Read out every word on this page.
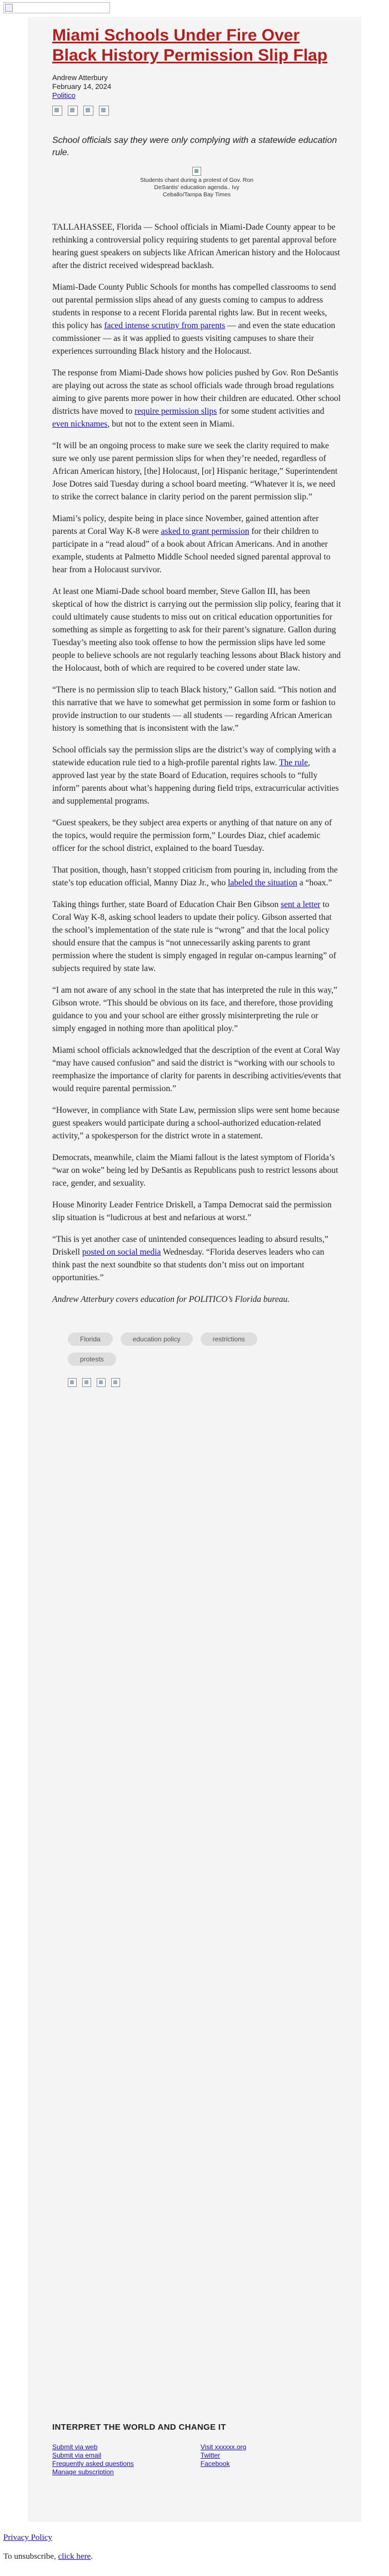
Miami Schools Under Fire Over Black History Permission Slip Flap
Andrew Atterbury
February 14, 2024
Politico
School officials say they were only complying with a statewide education rule.
Students chant during a protest of Gov. Ron DeSantis' education agenda.. Ivy Ceballo/Tampa Bay Times

TALLAHASSEE, Florida — School officials in Miami-Dade County appear to be rethinking a controversial policy requiring students to get parental approval before hearing guest speakers on subjects like African American history and the Holocaust after the district received widespread backlash.

Miami-Dade County Public Schools for months has compelled classrooms to send out parental permission slips ahead of any guests coming to campus to address students in response to a recent Florida parental rights law. But in recent weeks, this policy has faced intense scrutiny from parents — and even the state education commissioner — as it was applied to guests visiting campuses to share their experiences surrounding Black history and the Holocaust.

The response from Miami-Dade shows how policies pushed by Gov. Ron DeSantis are playing out across the state as school officials wade through broad regulations aiming to give parents more power in how their children are educated. Other school districts have moved to require permission slips for some student activities and even nicknames, but not to the extent seen in Miami.

“It will be an ongoing process to make sure we seek the clarity required to make sure we only use parent permission slips for when they’re needed, regardless of African American history, [the] Holocaust, [or] Hispanic heritage,” Superintendent Jose Dotres said Tuesday during a school board meeting. “Whatever it is, we need to strike the correct balance in clarity period on the parent permission slip.”

Miami’s policy, despite being in place since November, gained attention after parents at Coral Way K-8 were asked to grant permission for their children to participate in a “read aloud” of a book about African Americans. And in another example, students at Palmetto Middle School needed signed parental approval to hear from a Holocaust survivor.

At least one Miami-Dade school board member, Steve Gallon III, has been skeptical of how the district is carrying out the permission slip policy, fearing that it could ultimately cause students to miss out on critical education opportunities for something as simple as forgetting to ask for their parent’s signature. Gallon during Tuesday’s meeting also took offense to how the permission slips have led some people to believe schools are not regularly teaching lessons about Black history and the Holocaust, both of which are required to be covered under state law.

“There is no permission slip to teach Black history,” Gallon said. “This notion and this narrative that we have to somewhat get permission in some form or fashion to provide instruction to our students — all students — regarding African American history is something that is inconsistent with the law.”

School officials say the permission slips are the district’s way of complying with a statewide education rule tied to a high-profile parental rights law. The rule, approved last year by the state Board of Education, requires schools to “fully inform” parents about what’s happening during field trips, extracurricular activities and supplemental programs.

“Guest speakers, be they subject area experts or anything of that nature on any of the topics, would require the permission form,” Lourdes Diaz, chief academic officer for the school district, explained to the board Tuesday.

That position, though, hasn’t stopped criticism from pouring in, including from the state’s top education official, Manny Diaz Jr., who labeled the situation a “hoax.”

Taking things further, state Board of Education Chair Ben Gibson sent a letter to Coral Way K-8, asking school leaders to update their policy. Gibson asserted that the school’s implementation of the state rule is “wrong” and that the local policy should ensure that the campus is “not unnecessarily asking parents to grant permission where the student is simply engaged in regular on-campus learning” of subjects required by state law.

“I am not aware of any school in the state that has interpreted the rule in this way,” Gibson wrote. “This should be obvious on its face, and therefore, those providing guidance to you and your school are either grossly misinterpreting the rule or simply engaged in nothing more than apolitical ploy.”

Miami school officials acknowledged that the description of the event at Coral Way “may have caused confusion” and said the district is “working with our schools to reemphasize the importance of clarity for parents in describing activities/events that would require parental permission.”

“However, in compliance with State Law, permission slips were sent home because guest speakers would participate during a school-authorized education-related activity,” a spokesperson for the district wrote in a statement.

Democrats, meanwhile, claim the Miami fallout is the latest symptom of Florida’s “war on woke” being led by DeSantis as Republicans push to restrict lessons about race, gender, and sexuality.

House Minority Leader Fentrice Driskell, a Tampa Democrat said the permission slip situation is “ludicrous at best and nefarious at worst.”

“This is yet another case of unintended consequences leading to absurd results,” Driskell posted on social media Wednesday. “Florida deserves leaders who can think past the next soundbite so that students don’t miss out on important opportunities.”

Andrew Atterbury covers education for POLITICO’s Florida bureau.

Florida	education policy	restrictions
protests
INTERPRET THE WORLD AND CHANGE IT
Submit via web
Submit via email
Frequently asked questions
Manage subscription
Visit xxxxxx.org
Twitter
Facebook
Privacy Policy
To unsubscribe, click here.
